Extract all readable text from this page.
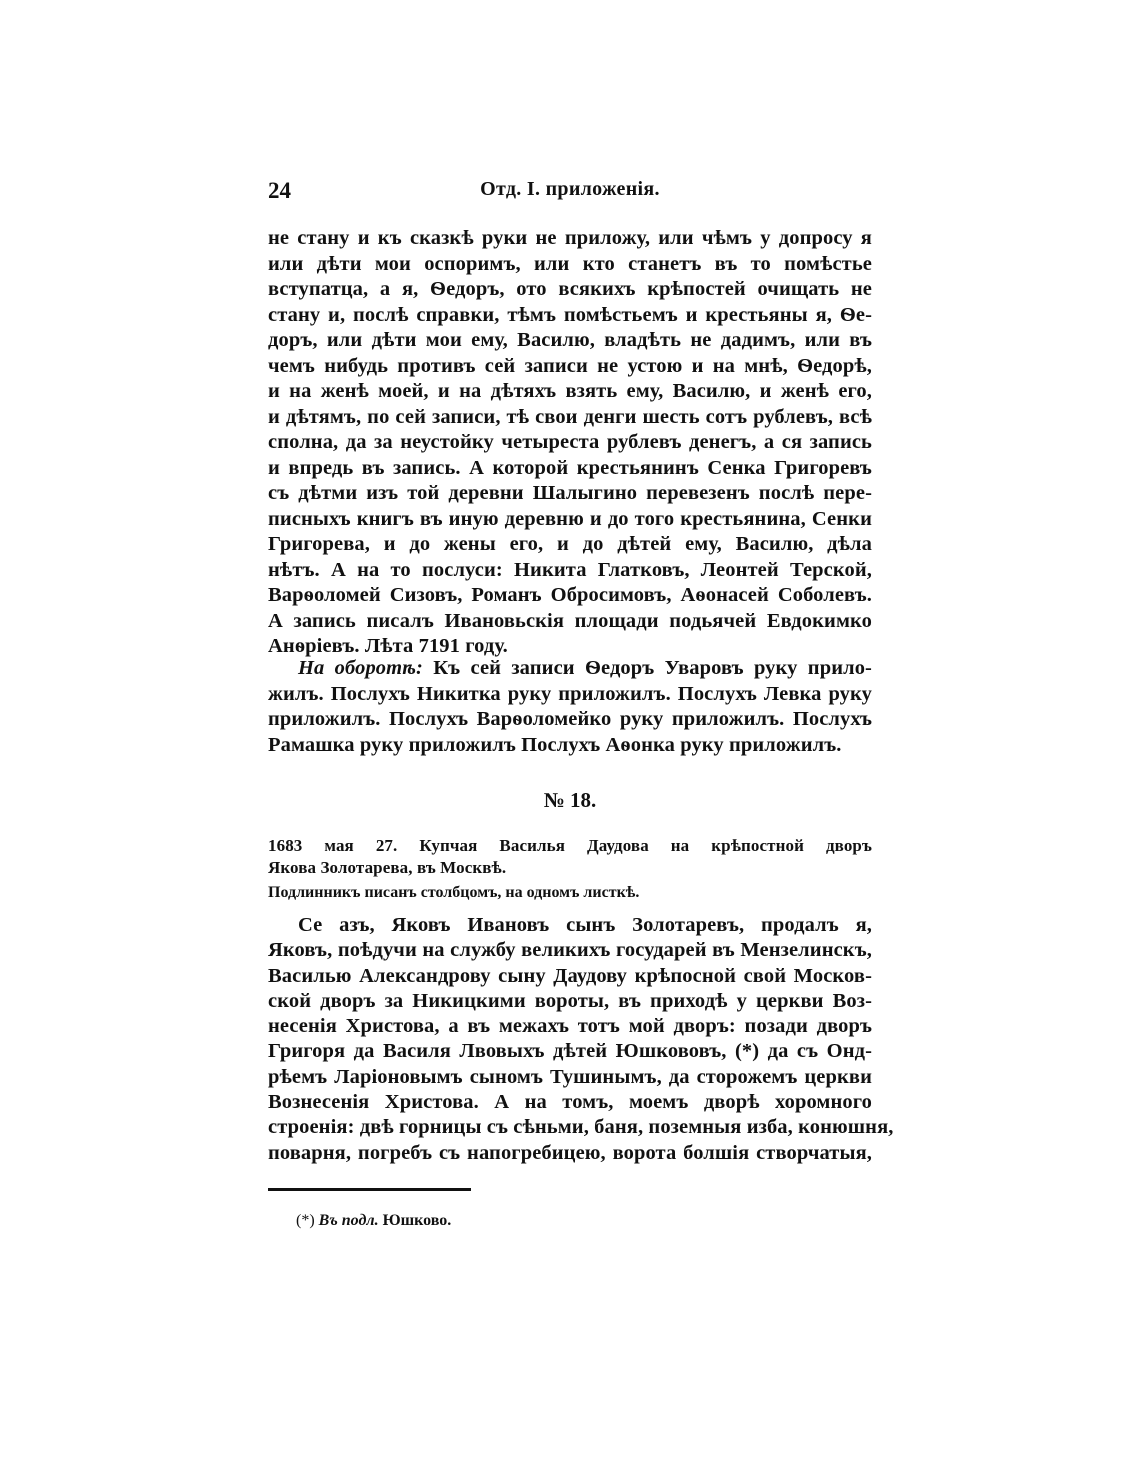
24	Отд. I. приложенія.
не стану и къ сказкѣ руки не приложу, или чѣмъ у допросу я
или дѣти мои оспоримъ, или кто станетъ въ то помѣстье
вступатца, а я, Ѳедоръ, ото всякихъ крѣпостей очищать не
стану и, послѣ справки, тѣмъ помѣстьемъ и крестьяны я, Ѳе-
доръ, или дѣти мои ему, Василю, владѣть не дадимъ, или въ
чемъ нибудь противъ сей записи не устою и на мнѣ, Ѳедорѣ,
и на женѣ моей, и на дѣтяхъ взять ему, Василю, и женѣ его,
и дѣтямъ, по сей записи, тѣ свои денги шесть сотъ рублевъ, всѣ
сполна, да за неустойку четыреста рублевъ денегъ, а ся запись
и впредь въ запись. А которой крестьянинъ Сенка Григоревъ
съ дѣтми изъ той деревни Шалыгино перевезенъ послѣ пере-
писныхъ книгъ въ иную деревню и до того крестьянина, Сенки
Григорева, и до жены его, и до дѣтей ему, Василю, дѣла
нѣтъ. А на то послуси: Никита Глатковъ, Леонтей Терской,
Варѳоломей Сизовъ, Романъ Обросимовъ, Аѳонасей Соболевъ.
А запись писалъ Ивановьскія площади подьячей Евдокимко
Анѳріевъ. Лѣта 7191 году.
На оборотѣ: Къ сей записи Ѳедоръ Уваровъ руку прило-
жилъ. Послухъ Никитка руку приложилъ. Послухъ Левка руку
приложилъ. Послухъ Варѳоломейко руку приложилъ. Послухъ
Рамашка руку приложилъ Послухъ Аѳонка руку приложилъ.
№ 18.
1683 мая 27. Купчая Василья Даудова на крѣпостной дворъ
Якова Золотарева, въ Москвѣ.
Подлинникъ писанъ столбцомъ, на одномъ листкѣ.
Се азъ, Яковъ Ивановъ сынъ Золотаревъ, продалъ я,
Яковъ, поѣдучи на службу великихъ государей въ Мензелинскъ,
Василью Александрову сыну Даудову крѣпосной свой Москов-
ской дворъ за Никицкими вороты, въ приходѣ у церкви Воз-
несенія Христова, а въ межахъ тотъ мой дворъ: позади дворъ
Григоря да Василя Лвовыхъ дѣтей Юшкововъ, (*) да съ Онд-
рѣемъ Ларіоновымъ сыномъ Тушинымъ, да сторожемъ церкви
Вознесенія Христова. А на томъ, моемъ дворѣ хоромного
строенія: двѣ горницы съ сѣньми, баня, поземныя изба, конюшня,
поварня, погребъ съ напогребицею, ворота болшія створчатыя,
(*) Въ подл. Юшково.
